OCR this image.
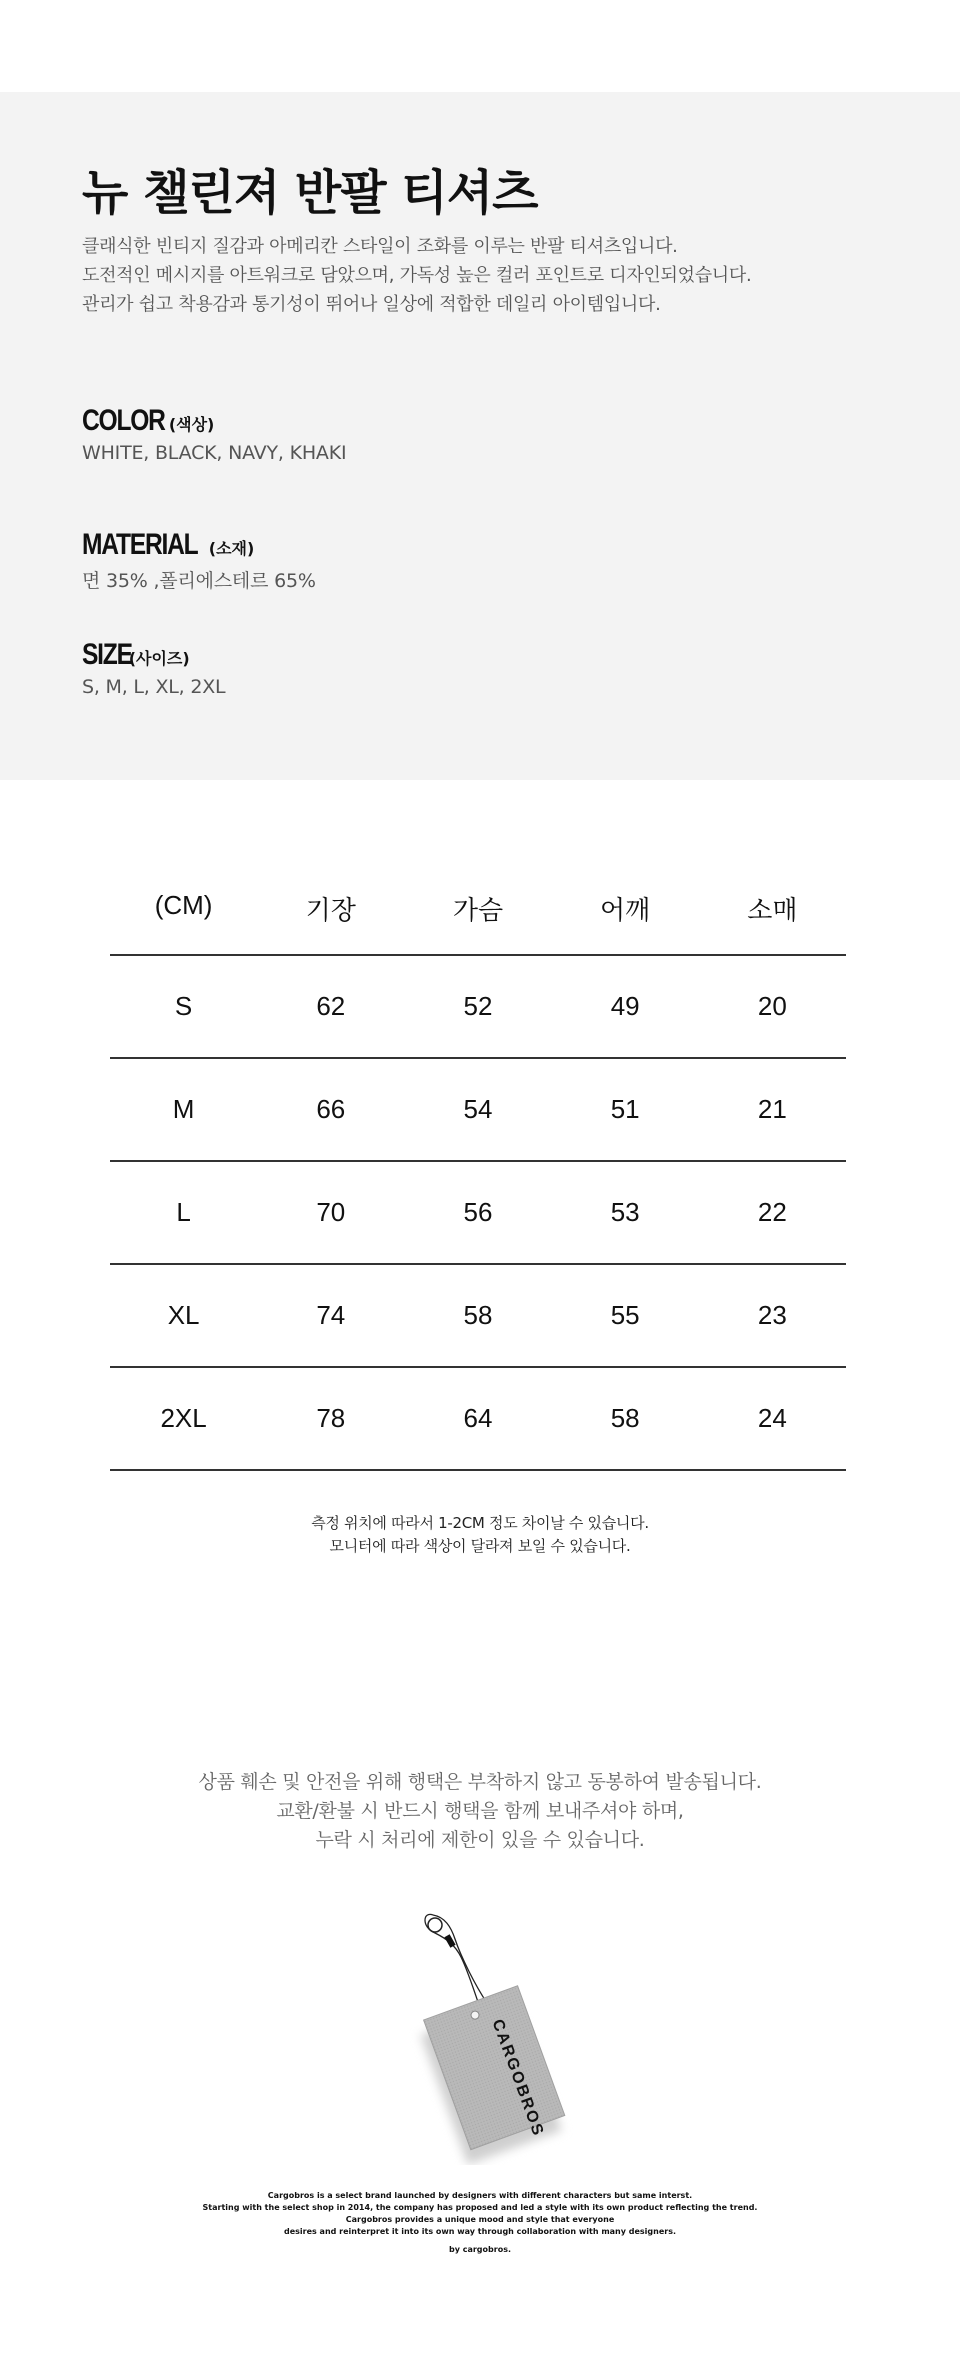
뉴 챌린져 반팔 티셔츠

클래식한 빈티지 질감과 아메리칸 스타일이 조화를 이루는 반팔 티셔츠입니다.

도전적인 메시지를 아트워크로 담았으며, 가독성 높은 컬러 포인트로 디자인되었습니다.

관리가 쉽고 착용감과 통기성이 뛰어나 일상에 적합한 데일리 아이템입니다.

COLOR (색상)
WHITE, BLACK, NAVY, KHAKI
MATERIAL (소재)
면 35% ,폴리에스테르 65%
SIZE(사이즈)
S, M, L, XL, 2XL
(CM)	기장	가슴	어깨	소매
S	62	52	49	20
M	66	54	51	21
L	70	56	53	22
XL	74	58	55	23
2XL	78	64	58	24

측정 위치에 따라서 1-2CM 정도 차이날 수 있습니다.

모니터에 따라 색상이 달라져 보일 수 있습니다.

상품 훼손 및 안전을 위해 행택은 부착하지 않고 동봉하여 발송됩니다.

교환/환불 시 반드시 행택을 함께 보내주셔야 하며,

누락 시 처리에 제한이 있을 수 있습니다.

CARGOBROS

Cargobros is a select brand launched by designers with different characters but same interst.

Starting with the select shop in 2014, the company has proposed and led a style with its own product reflecting the trend.

Cargobros provides a unique mood and style that everyone

desires and reinterpret it into its own way through collaboration with many designers.

by cargobros.
